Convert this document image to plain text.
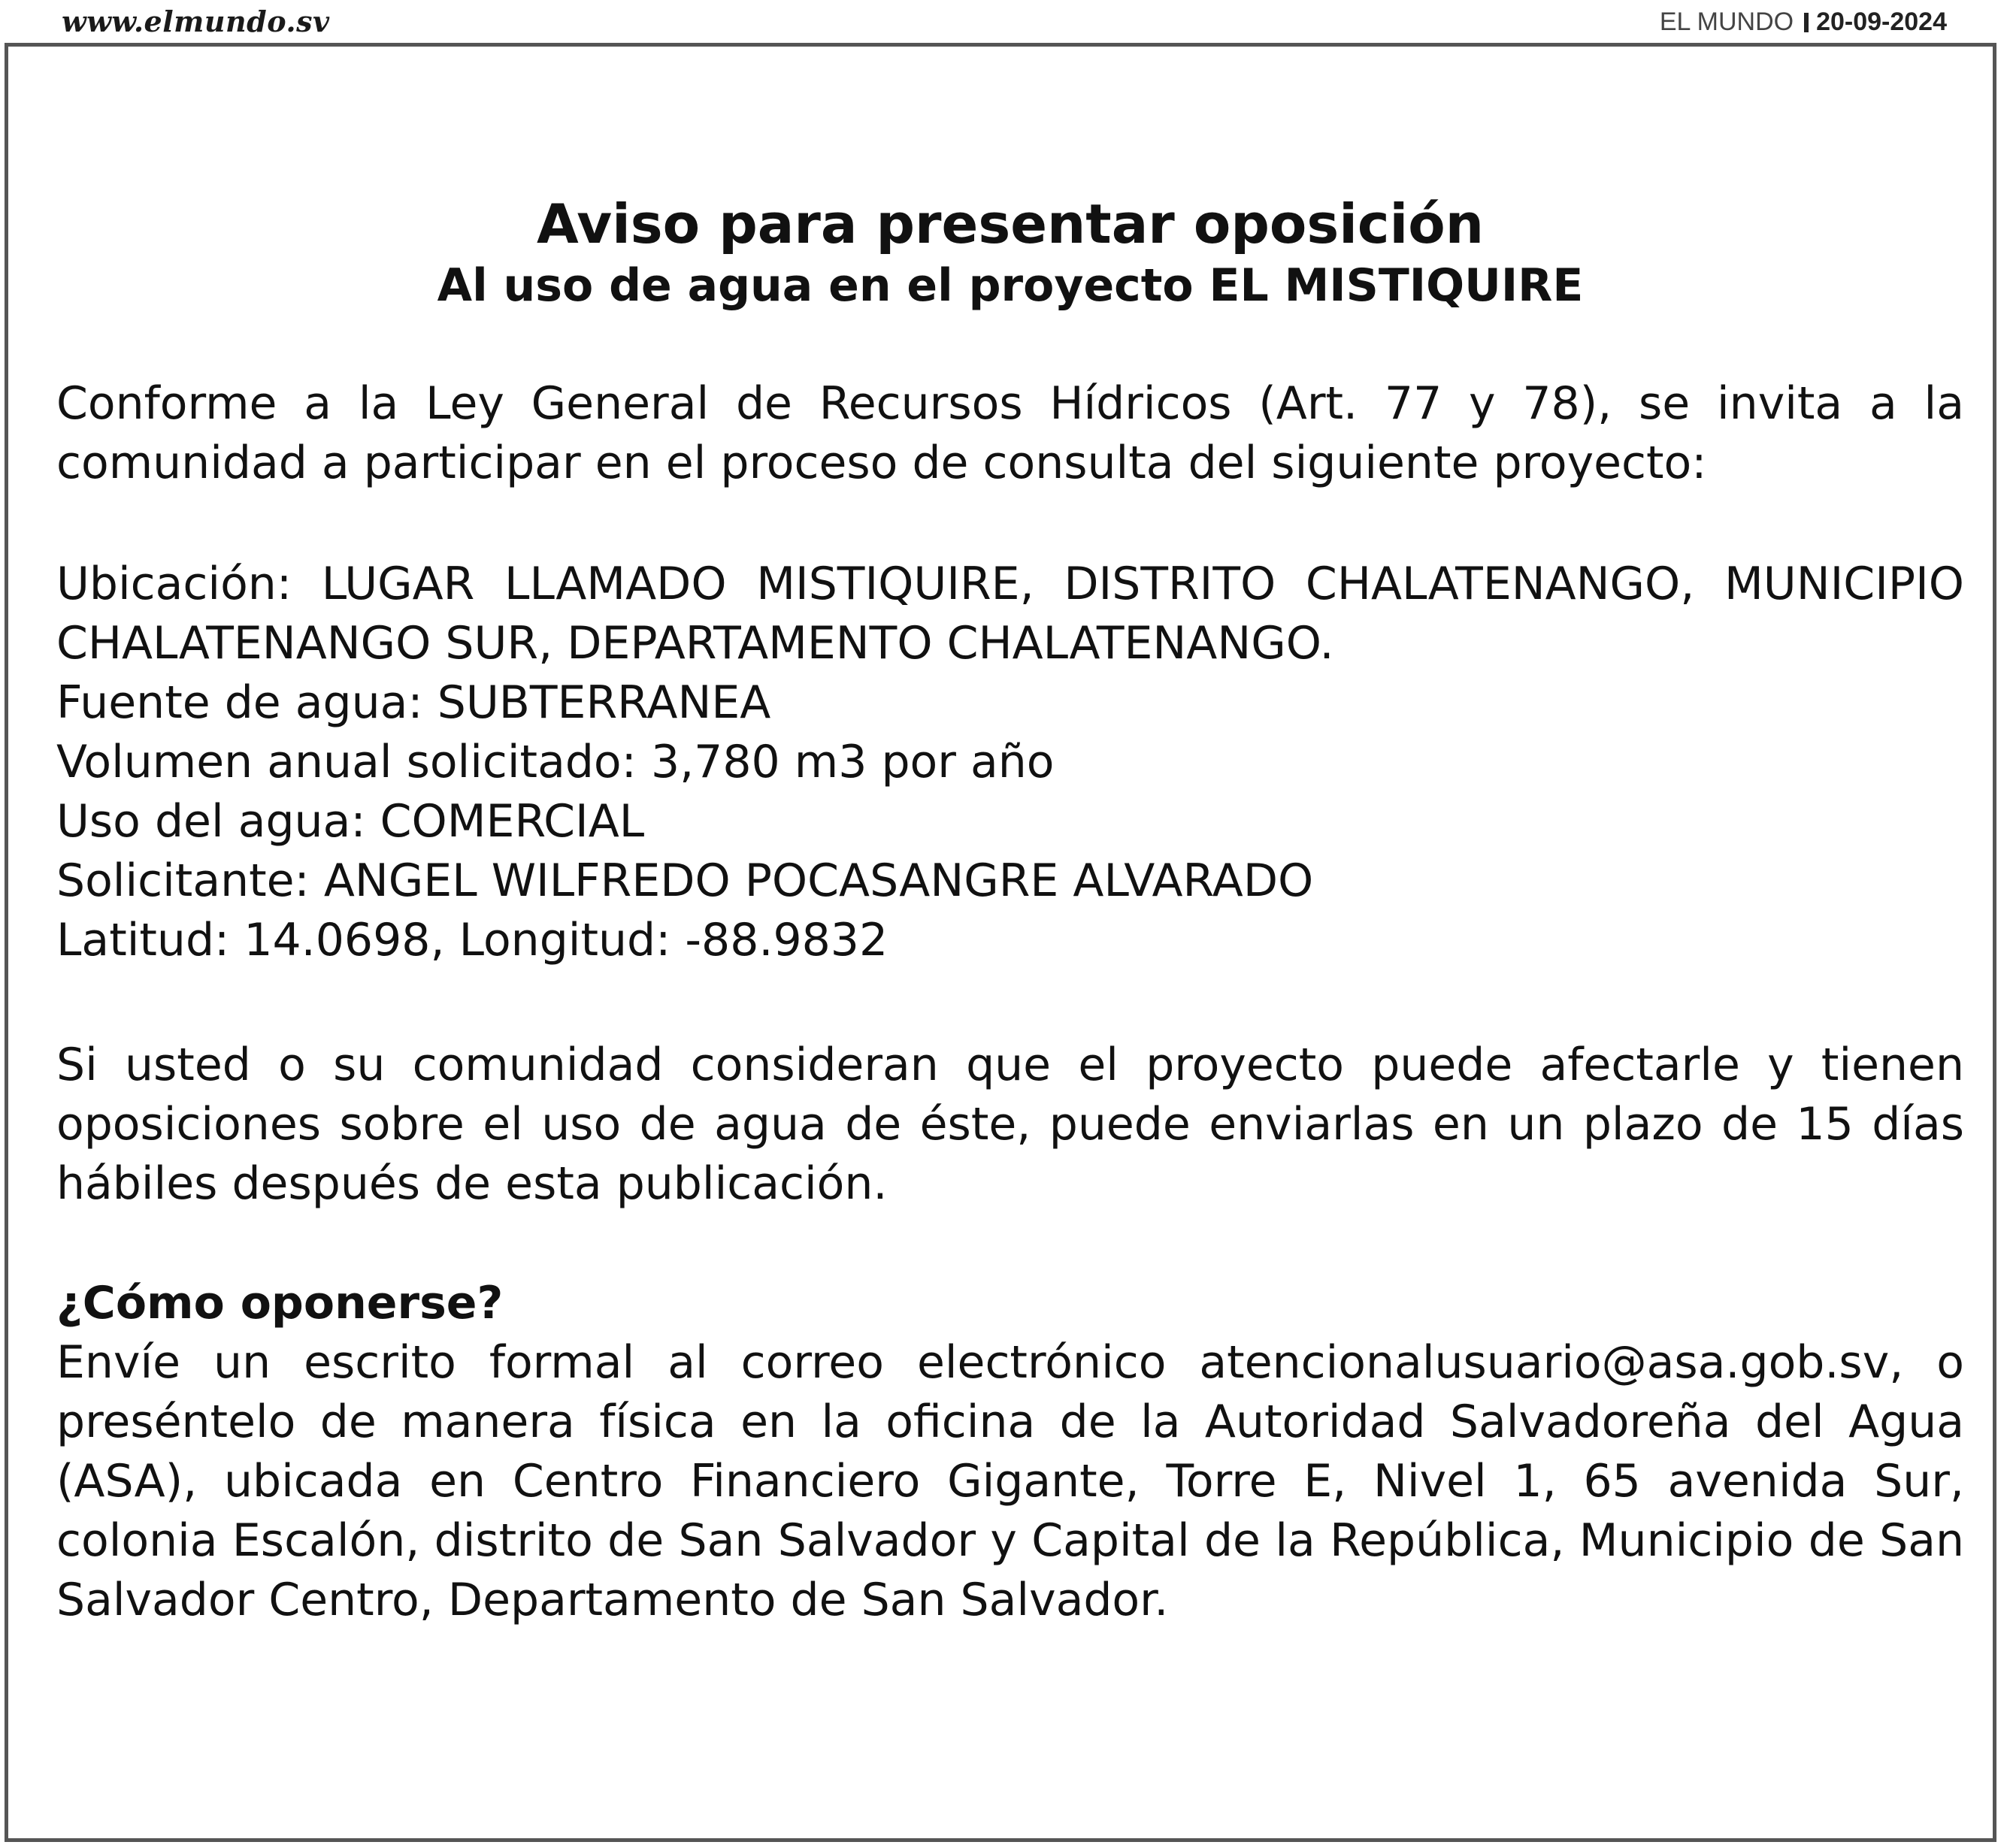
www.elmundo.sv	EL MUNDO 20-09-2024
Aviso para presentar oposición
Al uso de agua en el proyecto EL MISTIQUIRE

Conforme a la Ley General de Recursos Hídricos (Art. 77 y 78), se invita a la comunidad a participar en el proceso de consulta del siguiente proyecto:

Ubicación: LUGAR LLAMADO MISTIQUIRE, DISTRITO CHALATENANGO, MUNICIPIO CHALATENANGO SUR, DEPARTAMENTO CHALATENANGO.
Fuente de agua: SUBTERRANEA
Volumen anual solicitado: 3,780 m3 por año
Uso del agua: COMERCIAL
Solicitante: ANGEL WILFREDO POCASANGRE ALVARADO
Latitud: 14.0698, Longitud: -88.9832

Si usted o su comunidad consideran que el proyecto puede afectarle y tienen oposiciones sobre el uso de agua de éste, puede enviarlas en un plazo de 15 días hábiles después de esta publicación.

¿Cómo oponerse?

Envíe un escrito formal al correo electrónico atencionalusuario@asa.gob.sv, o preséntelo de manera física en la oficina de la Autoridad Salvadoreña del Agua (ASA), ubicada en Centro Financiero Gigante, Torre E, Nivel 1, 65 avenida Sur, colonia Escalón, distrito de San Salvador y Capital de la República, Municipio de San Salvador Centro, Departamento de San Salvador.
